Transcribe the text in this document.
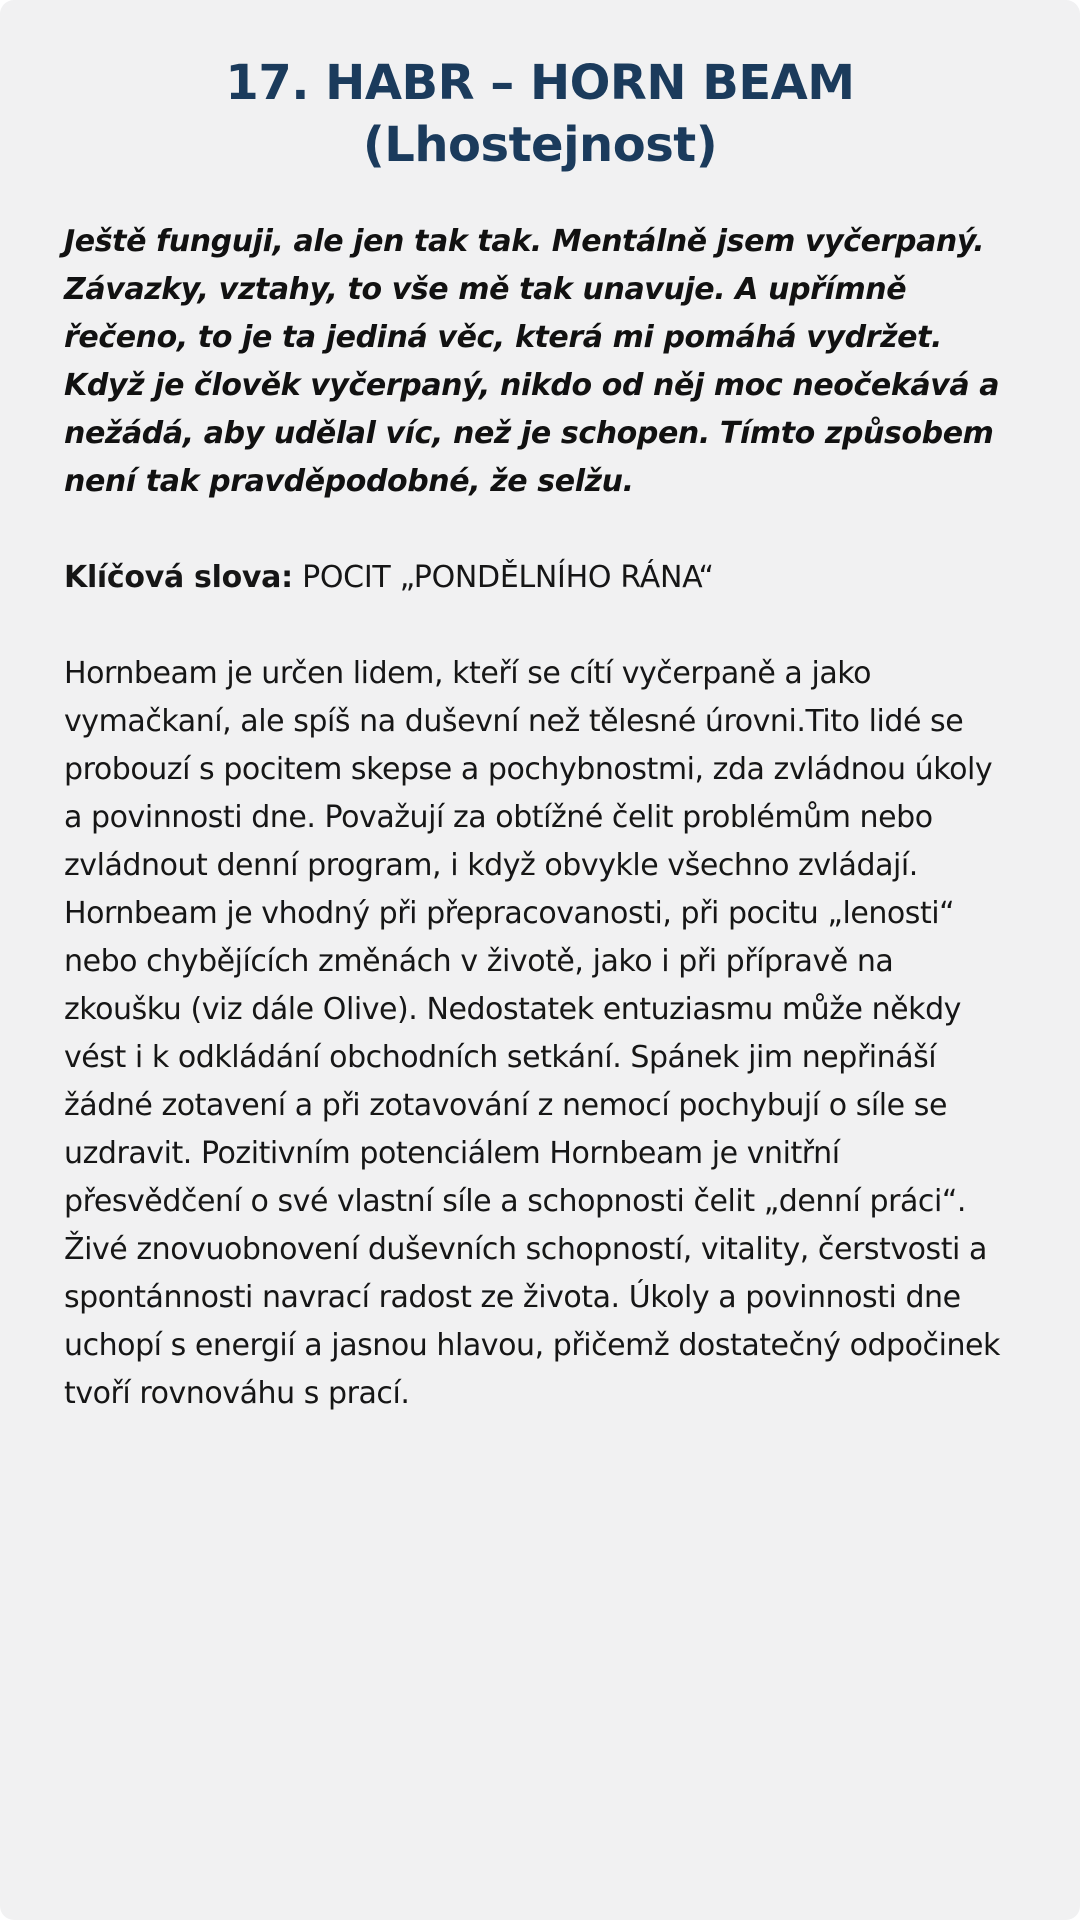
17. HABR – HORN BEAM
(Lhostejnost)

Ještě funguji, ale jen tak tak. Mentálně jsem vyčerpaný. Závazky, vztahy, to vše mě tak unavuje. A upřímně řečeno, to je ta jediná věc, která mi pomáhá vydržet. Když je člověk vyčerpaný, nikdo od něj moc neočekává a nežádá, aby udělal víc, než je schopen. Tímto způsobem není tak pravděpodobné, že selžu.

Klíčová slova: POCIT „PONDĚLNÍHO RÁNA“

Hornbeam je určen lidem, kteří se cítí vyčerpaně a jako vymačkaní, ale spíš na duševní než tělesné úrovni.Tito lidé se probouzí s pocitem skepse a pochybnostmi, zda zvládnou úkoly a povinnosti dne. Považují za obtížné čelit problémům nebo zvládnout denní program, i když obvykle všechno zvládají. Hornbeam je vhodný při přepracovanosti, při pocitu „lenosti“ nebo chybějících změnách v životě, jako i při přípravě na zkoušku (viz dále Olive). Nedostatek entuziasmu může někdy vést i k odkládání obchodních setkání. Spánek jim nepřináší žádné zotavení a při zotavování z nemocí pochybují o síle se uzdravit. Pozitivním potenciálem Hornbeam je vnitřní přesvědčení o své vlastní síle a schopnosti čelit „denní práci“. Živé znovuobnovení duševních schopností, vitality, čerstvosti a spontánnosti navrací radost ze života. Úkoly a povinnosti dne uchopí s energií a jasnou hlavou, přičemž dostatečný odpočinek tvoří rovnováhu s prací.
